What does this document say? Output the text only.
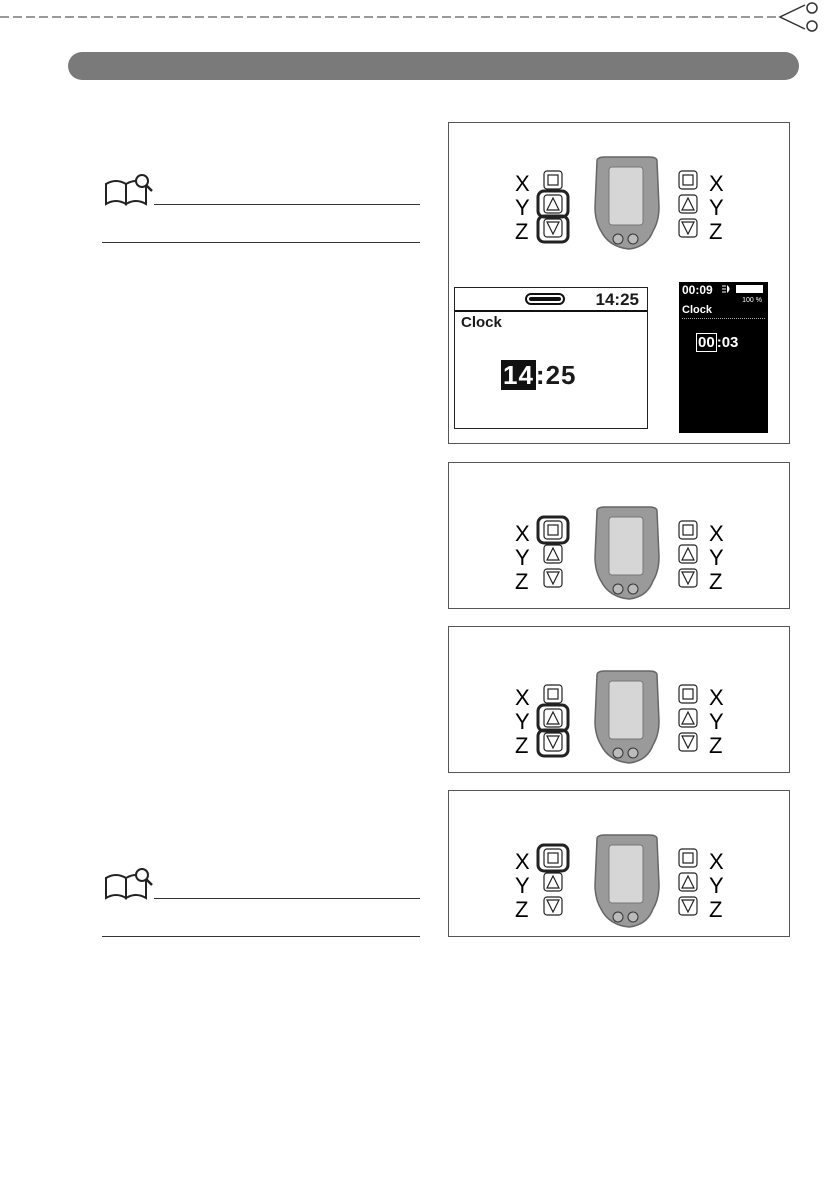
X
Y
Z
X
Y
Z
14:25
Clock
14:25
00:09
100 %
Clock
00 :03
X
Y
Z
X
Y
Z
X
Y
Z
X
Y
Z
X
Y
Z
X
Y
Z
